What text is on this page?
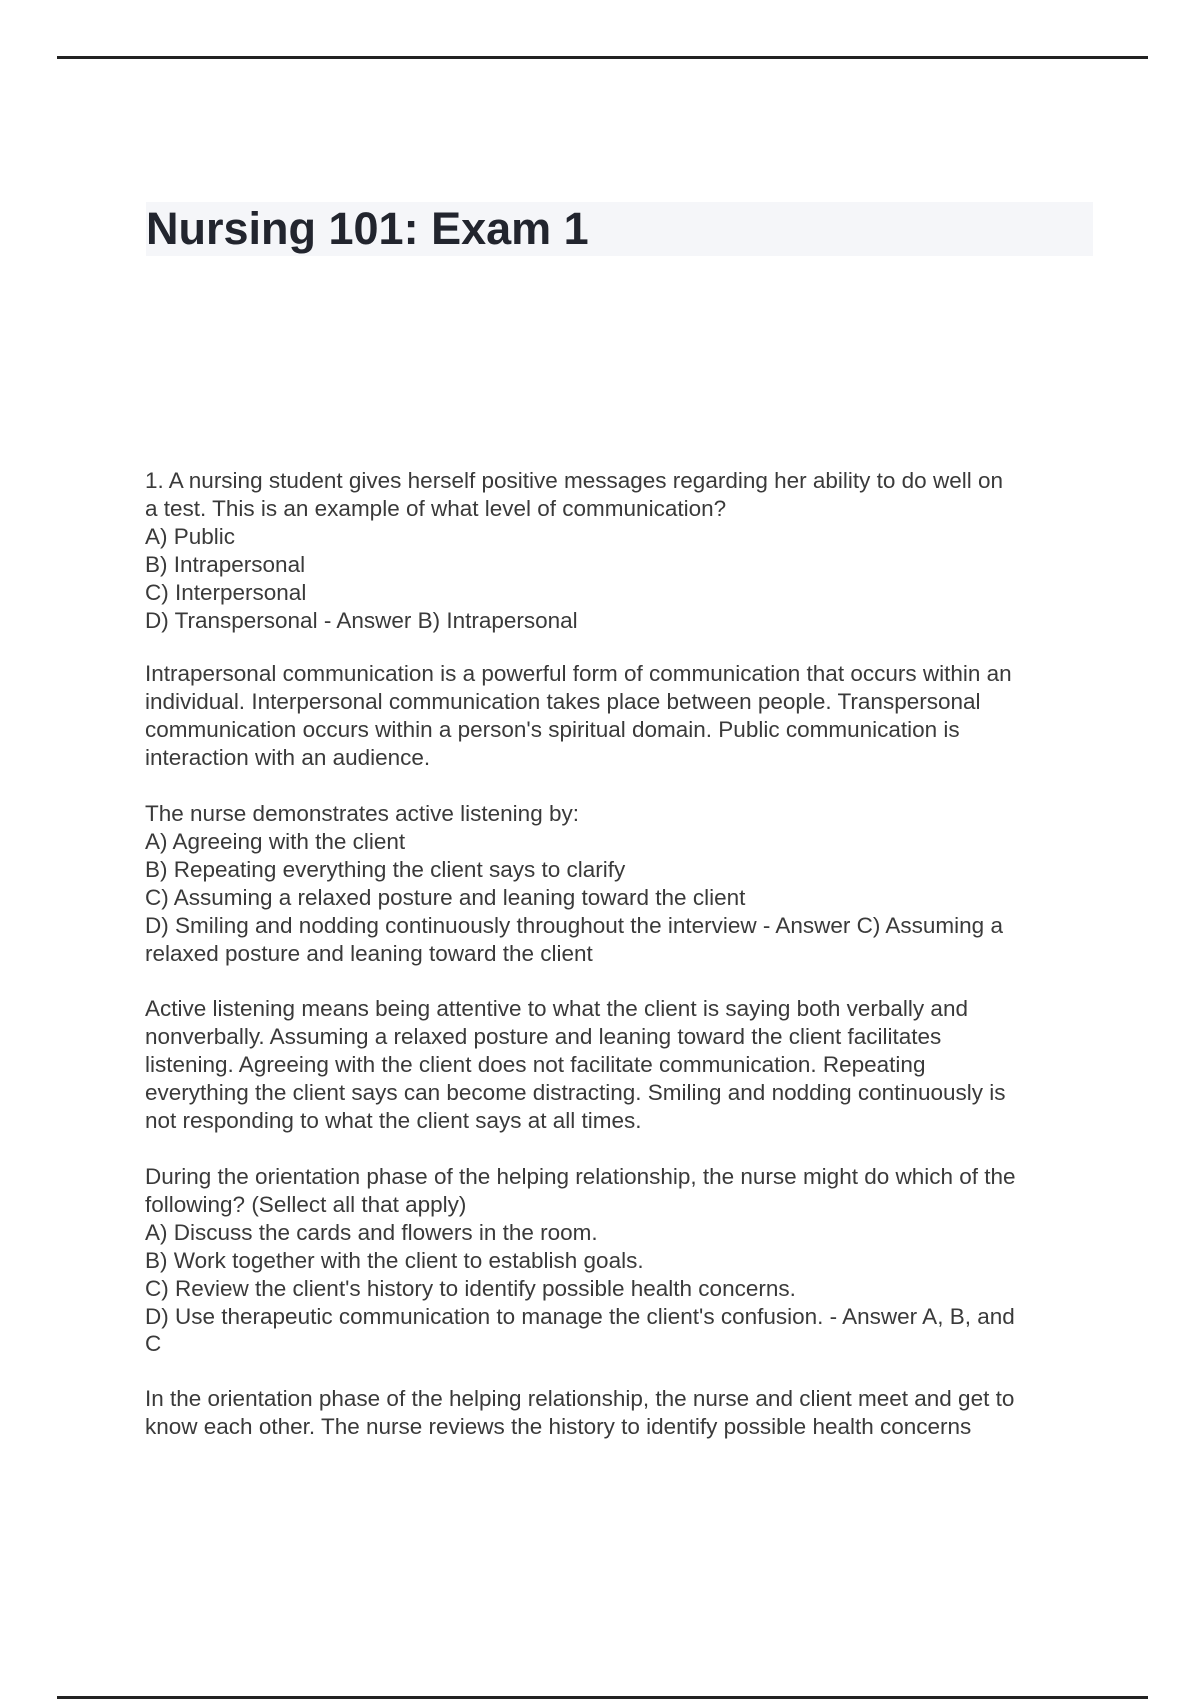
Nursing 101: Exam 1
1. A nursing student gives herself positive messages regarding her ability to do well on
a test. This is an example of what level of communication?
A) Public
B) Intrapersonal
C) Interpersonal
D) Transpersonal - Answer B) Intrapersonal
Intrapersonal communication is a powerful form of communication that occurs within an
individual. Interpersonal communication takes place between people. Transpersonal
communication occurs within a person's spiritual domain. Public communication is
interaction with an audience.
The nurse demonstrates active listening by:
A) Agreeing with the client
B) Repeating everything the client says to clarify
C) Assuming a relaxed posture and leaning toward the client
D) Smiling and nodding continuously throughout the interview - Answer C) Assuming a
relaxed posture and leaning toward the client
Active listening means being attentive to what the client is saying both verbally and
nonverbally. Assuming a relaxed posture and leaning toward the client facilitates
listening. Agreeing with the client does not facilitate communication. Repeating
everything the client says can become distracting. Smiling and nodding continuously is
not responding to what the client says at all times.
During the orientation phase of the helping relationship, the nurse might do which of the
following? (Sellect all that apply)
A) Discuss the cards and flowers in the room.
B) Work together with the client to establish goals.
C) Review the client's history to identify possible health concerns.
D) Use therapeutic communication to manage the client's confusion. - Answer A, B, and
C
In the orientation phase of the helping relationship, the nurse and client meet and get to
know each other. The nurse reviews the history to identify possible health concerns
